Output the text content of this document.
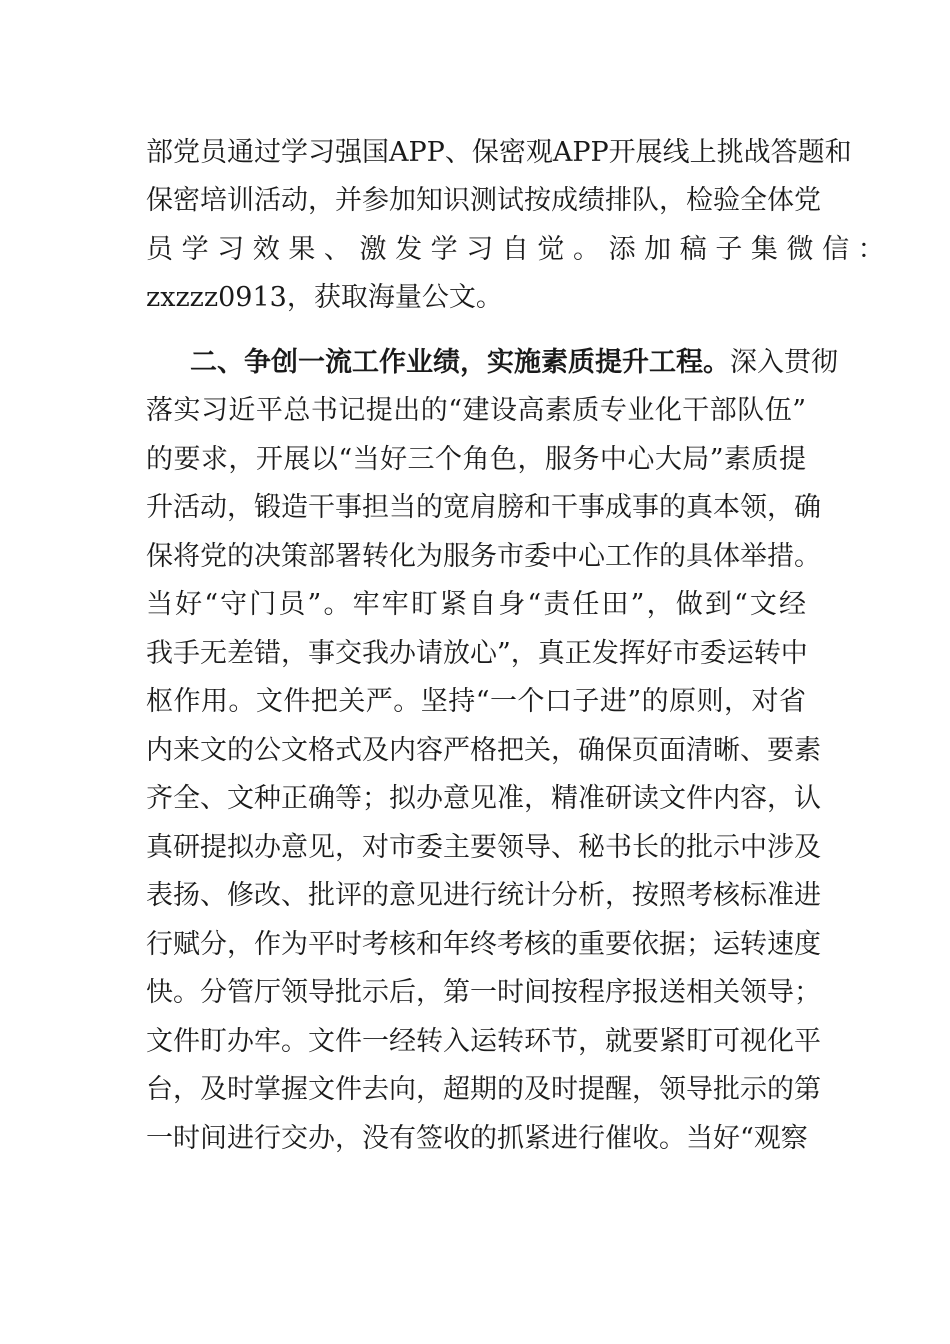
部党员通过学习强国APP、保密观APP开展线上挑战答题和
保密培训活动，并参加知识测试按成绩排队，检验全体党
员 学 习 效 果 、 激 发 学 习 自 觉 。 添 加 稿 子 集 微 信 ：
zxzzz0913，获取海量公文。
二、争创一流工作业绩，实施素质提升工程。 深入贯彻
落实习近平总书记提出的“建设高素质专业化干部队伍”
的要求，开展以“当好三个角色，服务中心大局”素质提
升活动，锻造干事担当的宽肩膀和干事成事的真本领，确
保将党的决策部署转化为服务市委中心工作的具体举措。
当好“守门员”。牢牢盯紧自身“责任田”，做到“文经
我手无差错，事交我办请放心”，真正发挥好市委运转中
枢作用。文件把关严。坚持“一个口子进”的原则，对省
内来文的公文格式及内容严格把关，确保页面清晰、要素
齐全、文种正确等；拟办意见准，精准研读文件内容，认
真研提拟办意见，对市委主要领导、秘书长的批示中涉及
表扬、修改、批评的意见进行统计分析，按照考核标准进
行赋分，作为平时考核和年终考核的重要依据；运转速度
快。分管厅领导批示后，第一时间按程序报送相关领导；
文件盯办牢。文件一经转入运转环节，就要紧盯可视化平
台，及时掌握文件去向，超期的及时提醒，领导批示的第
一时间进行交办，没有签收的抓紧进行催收。当好“观察
